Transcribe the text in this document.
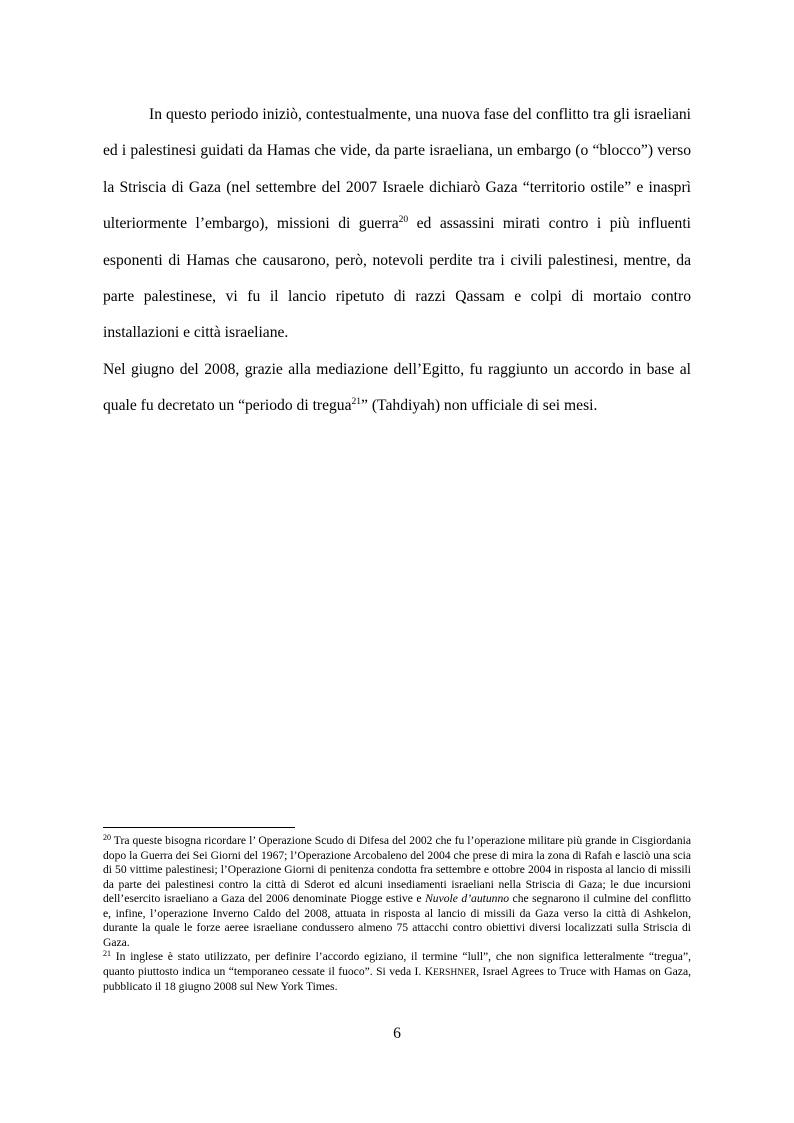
In questo periodo iniziò, contestualmente, una nuova fase del conflitto tra gli israeliani ed i palestinesi guidati da Hamas che vide, da parte israeliana, un embargo (o “blocco”) verso la Striscia di Gaza (nel settembre del 2007 Israele dichiarò Gaza “territorio ostile” e inasprì ulteriormente l’embargo), missioni di guerra$^{20}$ ed assassini mirati contro i più influenti esponenti di Hamas che causarono, però, notevoli perdite tra i civili palestinesi, mentre, da parte palestinese, vi fu il lancio ripetuto di razzi Qassam e colpi di mortaio contro installazioni e città israeliane.

Nel giugno del 2008, grazie alla mediazione dell’Egitto, fu raggiunto un accordo in base al quale fu decretato un “periodo di tregua$^{21}$” (Tahdiyah) non ufficiale di sei mesi.

$^{20}$ Tra queste bisogna ricordare l’ Operazione Scudo di Difesa del 2002 che fu l’operazione militare più grande in Cisgiordania dopo la Guerra dei Sei Giorni del 1967; l’Operazione Arcobaleno del 2004 che prese di mira la zona di Rafah e lasciò una scia di 50 vittime palestinesi; l’Operazione Giorni di penitenza condotta fra settembre e ottobre 2004 in risposta al lancio di missili da parte dei palestinesi contro la città di Sderot ed alcuni insediamenti israeliani nella Striscia di Gaza; le due incursioni dell’esercito israeliano a Gaza del 2006 denominate Piogge estive e Nuvole d’autunno che segnarono il culmine del conflitto e, infine, l’operazione Inverno Caldo del 2008, attuata in risposta al lancio di missili da Gaza verso la città di Ashkelon, durante la quale le forze aeree israeliane condussero almeno 75 attacchi contro obiettivi diversi localizzati sulla Striscia di Gaza.

$^{21}$ In inglese è stato utilizzato, per definire l’accordo egiziano, il termine “lull”, che non significa letteralmente “tregua”, quanto piuttosto indica un “temporaneo cessate il fuoco”. Si veda I. KERSHNER, Israel Agrees to Truce with Hamas on Gaza, pubblicato il 18 giugno 2008 sul New York Times.

6
